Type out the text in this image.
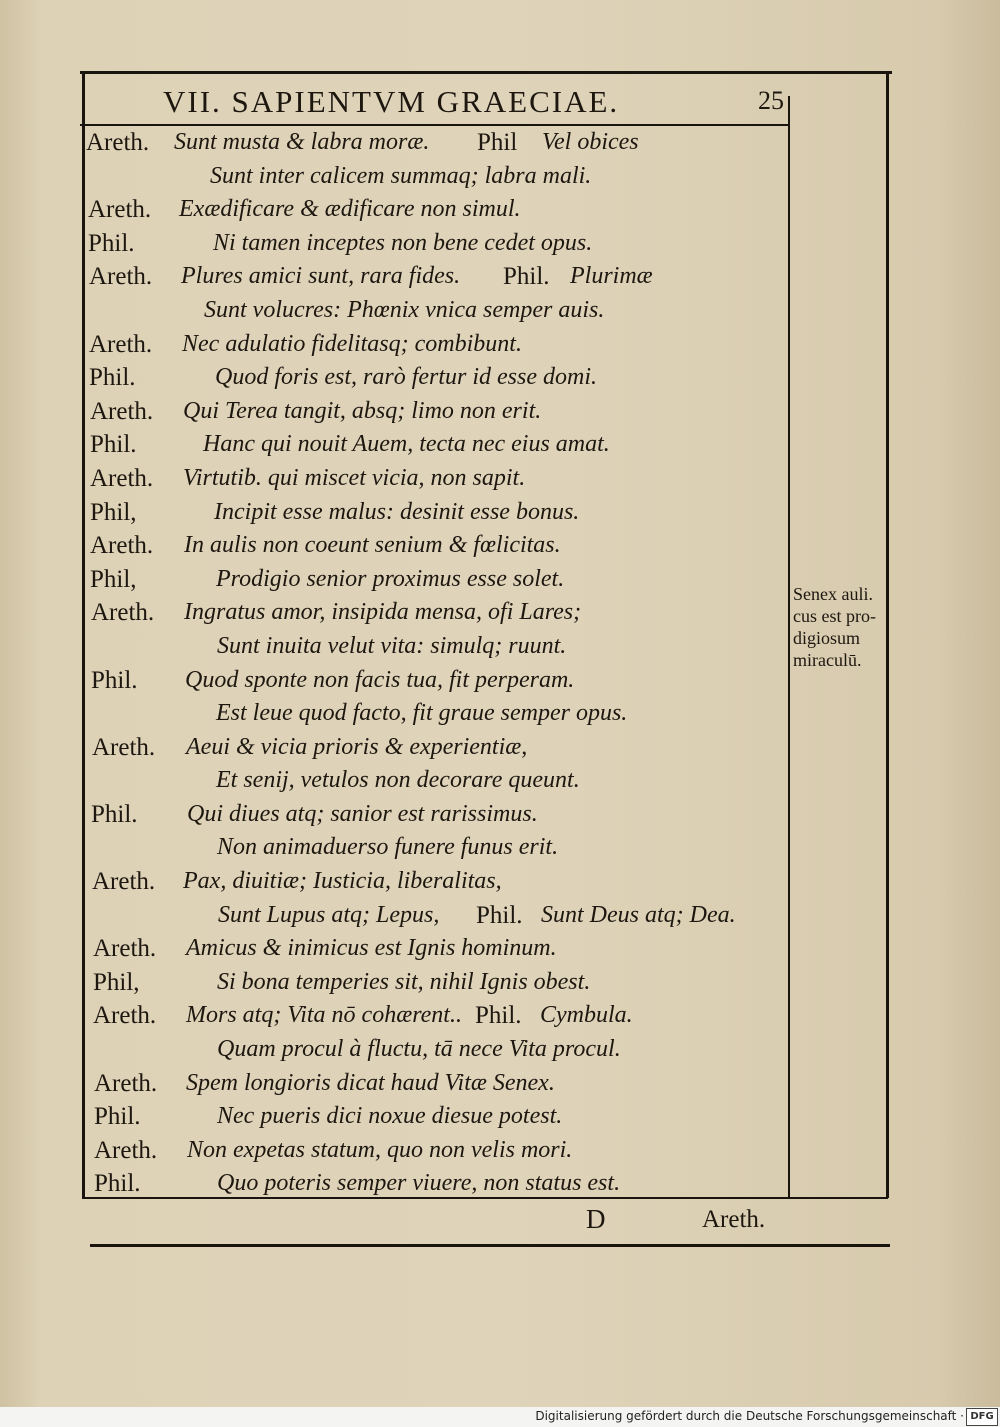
VII. SAPIENTVM GRAECIAE.	25
Areth. Sunt musta & labra moræ. Phil Vel obices
Sunt inter calicem summaq; labra mali.
Areth. Exædificare & ædificare non simul.
Phil.	Ni tamen inceptes non bene cedet opus.
Areth. Plures amici sunt, rara fides. Phil. Plurimæ
Sunt volucres: Phœnix vnica semper auis.
Areth. Nec adulatio fidelitasq; combibunt.
Phil.	Quod foris est, rarò fertur id esse domi.
Areth. Qui Terea tangit, absq; limo non erit.
Phil.	Hanc qui nouit Auem, tecta nec eius amat.
Areth. Virtutib. qui miscet vicia, non sapit.
Phil,	Incipit esse malus: desinit esse bonus.
Areth. In aulis non coeunt senium & fœlicitas.
Phil,	Prodigio senior proximus esse solet.
Areth. Ingratus amor, insipida mensa, ofi Lares;
Sunt inuita velut vita: simulq; ruunt.
Phil. Quod sponte non facis tua, fit perperam.
Est leue quod facto, fit graue semper opus.
Areth. Aeui & vicia prioris & experientiæ,
Et senij, vetulos non decorare queunt.
Phil. Qui diues atq; sanior est rarissimus.
Non animaduerso funere funus erit.
Areth. Pax, diuitiæ; Iusticia, liberalitas,
Sunt Lupus atq; Lepus, Phil. Sunt Deus atq; Dea.
Areth. Amicus & inimicus est Ignis hominum.
Phil,	Si bona temperies sit, nihil Ignis obest.
Areth. Mors atq; Vita nō cohærent.. Phil. Cymbula.
Quam procul à fluctu, tā nece Vita procul.
Areth. Spem longioris dicat haud Vitæ Senex.
Phil.	Nec pueris dici noxue diesue potest.
Areth. Non expetas statum, quo non velis mori.
Phil.	Quo poteris semper viuere, non status est.
Senex auli.
cus est pro-
digiosum
miraculū.
D	Areth.
Digitalisierung gefördert durch die Deutsche Forschungsgemeinschaft · DFG
